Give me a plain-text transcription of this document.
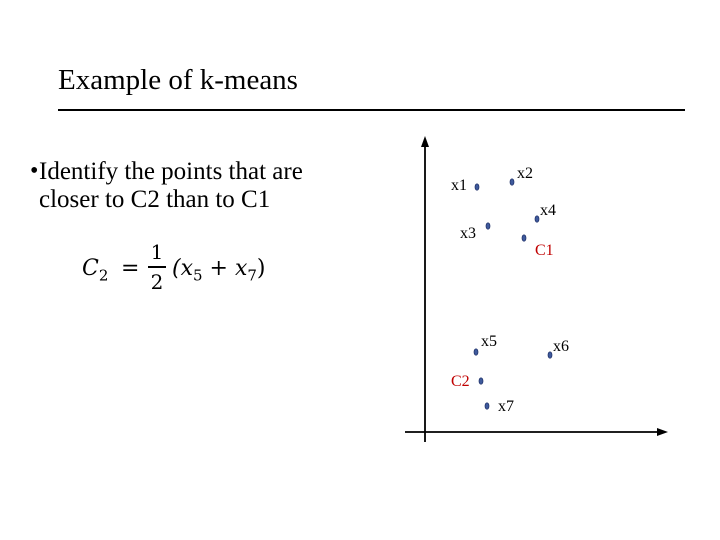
Example of k-means
• Identify the points that are closer to C2 than to C1
$C_2$ =
1
2
$(x_5 + x_7)$
x1
x2
x3
x4
C1
x5	x6
C2
x7
